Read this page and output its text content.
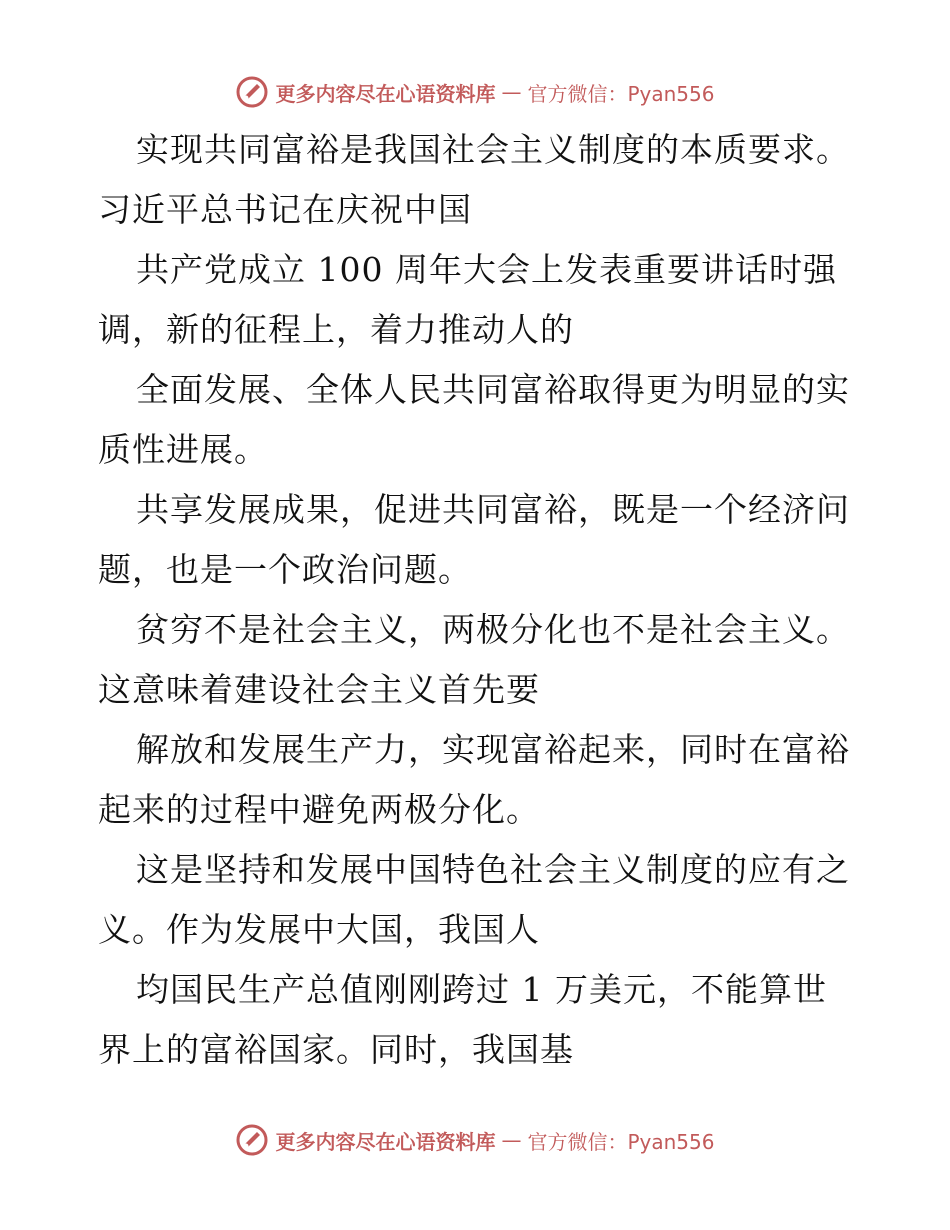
更多内容尽在心语资料库 — 官方微信：Pyan556
实现共同富裕是我国社会主义制度的本质要求。
习近平总书记在庆祝中国
共产党成立 100 周年大会上发表重要讲话时强
调，新的征程上，着力推动人的
全面发展、全体人民共同富裕取得更为明显的实
质性进展。
共享发展成果，促进共同富裕，既是一个经济问
题，也是一个政治问题。
贫穷不是社会主义，两极分化也不是社会主义。
这意味着建设社会主义首先要
解放和发展生产力，实现富裕起来，同时在富裕
起来的过程中避免两极分化。
这是坚持和发展中国特色社会主义制度的应有之
义。作为发展中大国，我国人
均国民生产总值刚刚跨过 1 万美元，不能算世
界上的富裕国家。同时，我国基
更多内容尽在心语资料库 — 官方微信：Pyan556
